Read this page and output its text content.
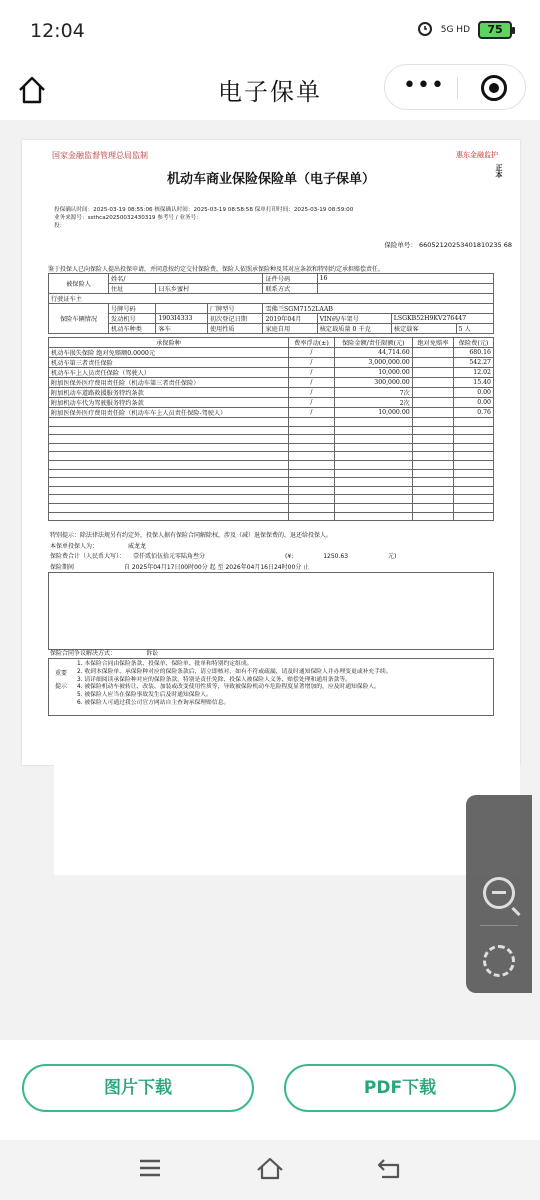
12:04	5G HD	75
电子保单	•••
国家金融监督管理总局监制	惠东金融监护
机动车商业保险保险单（电子保单）
正本
投保确认时间：2025-03-19 08:55:06 核保确认时间：2025-03-19 08:58:58 保单打印时间：2025-03-19 08:59:00
业务来源号：ssthca20250032430319 参考号 / 业务号：
投：
保险单号： 66052120253401810235 68
鉴于投保人已向保险人提出投保申请，并同意按约定交付保险费，保险人依照承保险种及其对应条款和特别约定承担赔偿责任。
被保险人	姓名/			证件号码	16		
	住址	曰东乡蜜村		联系方式			
行驶证车主							
保险车辆情况	号牌号码		厂牌型号	雪佛兰SGM7152LAAB			
	发动机号	1903I4333	初次登记日期	2019年04月	VIN码/车架号	LSGKB52H9KV276447	
	机动车种类	客车	使用性质	家庭自用	核定载质量 0 千克	核定载客	5 人
承保险种	费率浮动(±)	保险金额/责任限额(元)	绝对免赔率	保险费(元)
机动车损失保险 绝对免赔额0.0000元	/	44,714.60		680.16
机动车第三者责任保险	/	3,000,000.00		542.27
机动车车上人员责任保险（驾驶人）	/	10,000.00		12.02
附加医保外医疗费用责任险（机动车第三者责任保险）	/	300,000.00		15.40
附加机动车道路救援服务特约条款	/	7次		0.00
附加机动车代为驾驶服务特约条款	/	2次		0.00
附加医保外医疗费用责任险（机动车车上人员责任保险-驾驶人）	/	10,000.00		0.76

特别提示：除法律法规另有约定外，投保人据有保险合同解除权，涉及（减）退保保费的，退还给投保人。
本保单投保人为：	威龙龙
保险费合计（人民币大写）： 壹仟贰佰伍拾元零陆角叁分	(¥:	1250.63	元)
保险期间	自 2025年04月17日00时00分 起 至 2026年04月16日24时00分 止
保险合同争议解决方式：	诉讼
重要提示
1. 本保险合同由保险条款、投保单、保险单、批单和特别约定组成。
2. 收到本保险单、承保险种对应的保险条款后，请立即核对，如有不符或疏漏，请及时通知保险人并办理变更或补充手续。
3. 请详细阅读承保险种对应的保险条款，特别是责任免除、投保人被保险人义务、赔偿处理和通用条款等。
4. 被保险机动车被转让、改装、加装或改变使用性质等，导致被保险机动车危险程度显著增加的，应及时通知保险人。
5. 被保险人应当在保险事故发生后及时通知保险人。
6. 被保险人可通过我公司官方网站自主查询承保理赔信息。
图片下载	PDF下载
